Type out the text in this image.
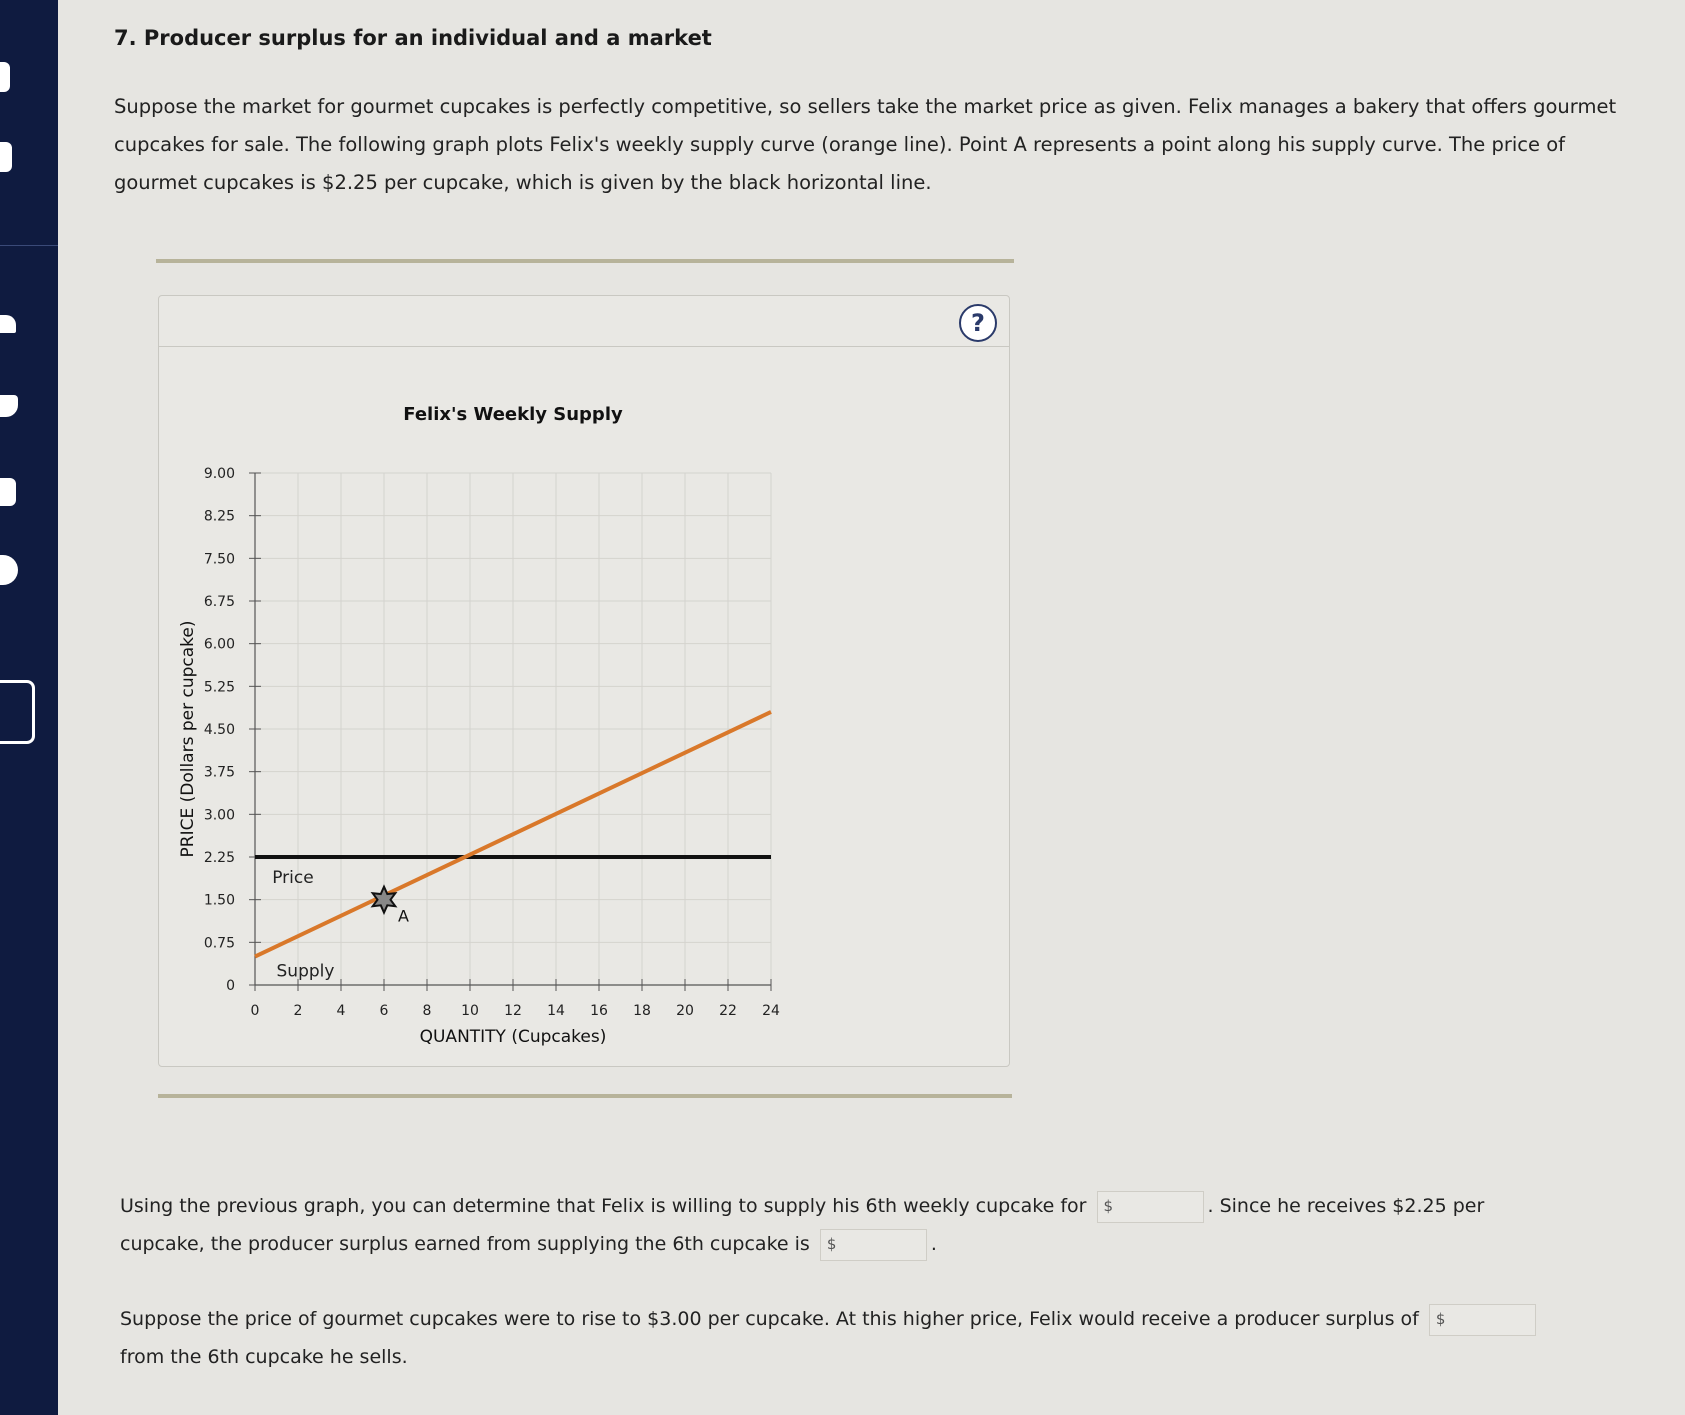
7. Producer surplus for an individual and a market
Suppose the market for gourmet cupcakes is perfectly competitive, so sellers take the market price as given. Felix manages a bakery that offers gourmet cupcakes for sale. The following graph plots Felix's weekly supply curve (orange line). Point A represents a point along his supply curve. The price of gourmet cupcakes is $2.25 per cupcake, which is given by the black horizontal line.
?
0
0.75
1.50
2.25
3.00
3.75
4.50
5.25
6.00
6.75
7.50
8.25
9.00
0 2 4 6 8 10 12 14 16 18 20 22 24
Felix's Weekly Supply
QUANTITY (Cupcakes)
PRICE (Dollars per cupcake)
Price
Supply
A
Using the previous graph, you can determine that Felix is willing to supply his 6th weekly cupcake for $	. Since he receives $2.25 per
cupcake, the producer surplus earned from supplying the 6th cupcake is $	.
Suppose the price of gourmet cupcakes were to rise to $3.00 per cupcake. At this higher price, Felix would receive a producer surplus of $

from the 6th cupcake he sells.
